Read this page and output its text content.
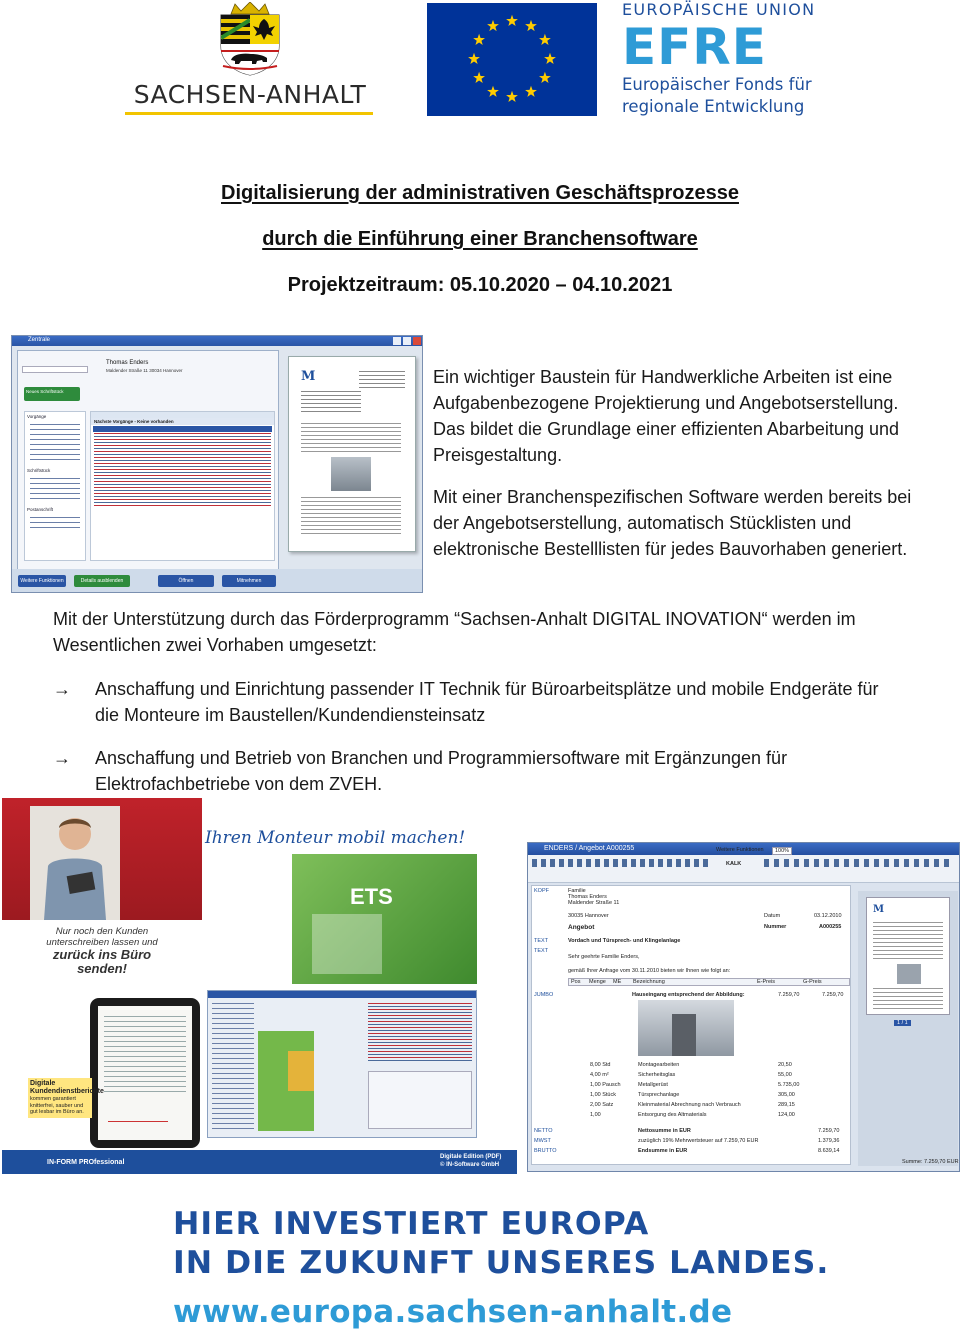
SACHSEN-ANHALT
EUROPÄISCHE UNION
EFRE
Europäischer Fonds für
regionale Entwicklung
Digitalisierung der administrativen Geschäftsprozesse
durch die Einführung einer Branchensoftware
Projektzeitraum: 05.10.2020 – 04.10.2021
Zentrale
Thomas Enders
Maldender Straße 11 30034 Hannover
Neues Schriftstück
Vorgänge
Schriftstück
Postanschrift
Nächste Vorgänge - Keine vorhanden
M
Weitere Funktionen	Details ausblenden	Öffnen	Mitnehmen

Ein wichtiger Baustein für Handwerkliche Arbeiten ist eine Aufgabenbezogene Projektierung und Angebotserstellung. Das bildet die Grundlage einer effizienten Abarbeitung und Preisgestaltung.

Mit einer Branchenspezifischen Software werden bereits bei der Angebotserstellung, automatisch Stücklisten und elektronische Bestelllisten für jedes Bauvorhaben generiert.

Mit der Unterstützung durch das Förderprogramm “Sachsen-Anhalt DIGITAL INOVATION“ werden im Wesentlichen zwei Vorhaben umgesetzt:
→	Anschaffung und Einrichtung passender IT Technik für Büroarbeitsplätze und mobile Endgeräte für die Monteure im Baustellen/Kundendiensteinsatz
→	Anschaffung und Betrieb von Branchen und Programmiersoftware mit Ergänzungen für Elektrofachbetriebe von dem ZVEH.
Ihren Monteur mobil machen!
ETS
Nur noch den Kunden unterschreiben lassen und
zurück ins Büro senden!
Digitale Kundendienstberichte
kommen garantiert knitterfrei, sauber und gut lesbar im Büro an.
IN-FORM PROfessional
Digitale Edition (PDF)
© IN-Software GmbH
ENDERS / Angebot A000255	Weitere Funktionen	100%
KALK
KOPF	Familie
Thomas Enders
Maldender Straße 11
30035 Hannover	Datum	03.12.2010
Nummer	A000255
Angebot
TEXT	Vordach und Türsprech- und Klingelanlage
TEXT
Sehr geehrte Familie Enders,
gemäß Ihrer Anfrage vom 30.11.2010 bieten wir Ihnen wie folgt an:
Pos Menge ME Bezeichnung	E-Preis	G-Preis
JUMBO	Hauseingang entsprechend der Abbildung:	7.259,70	7.259,70
8,00 Std	Montagearbeiten	20,50
4,00 m²	Sicherheitsglas	55,00
1,00 Pausch	Metallgerüst	5.735,00
1,00 Stück	Türsprechanlage	305,00
2,00 Satz	Kleinmaterial Abrechnung nach Verbrauch	289,15
1,00	Entsorgung des Altmaterials	124,00
NETTO	Nettosumme in EUR	7.259,70
MWST	zuzüglich 19% Mehrwertsteuer auf 7.259,70 EUR	1.379,36
BRUTTO	Endsumme in EUR	8.639,14
M
1 / 1
Summe: 7.259,70 EUR
HIER INVESTIERT EUROPA
IN DIE ZUKUNFT UNSERES LANDES.
www.europa.sachsen-anhalt.de
